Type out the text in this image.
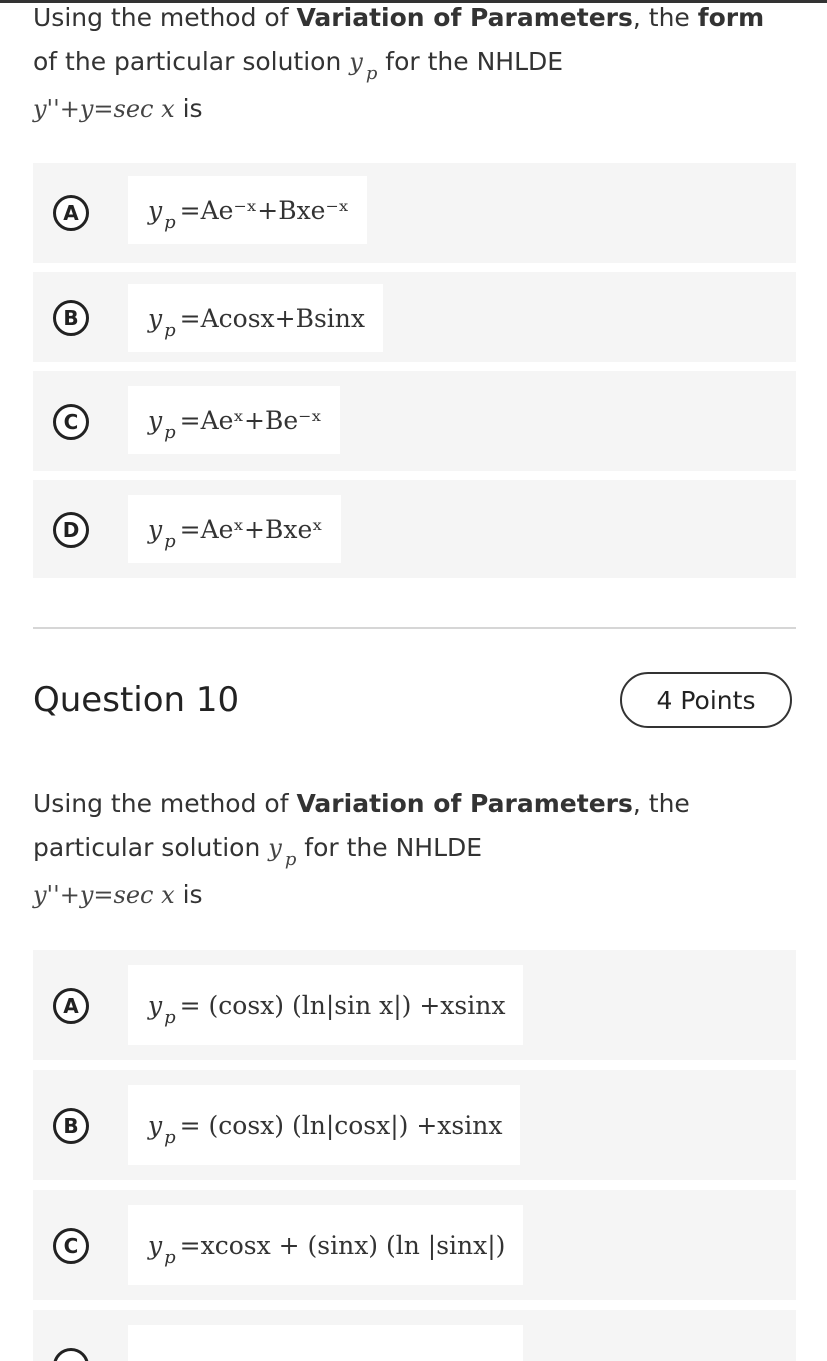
Using the method of Variation of Parameters, the form
of the particular solution y $_p$ for the NHLDE
y''+y=sec x is
A	y p =Ae⁻ˣ+Bxe⁻ˣ
B	y p =Acosx+Bsinx
C	y p =Aeˣ+Be⁻ˣ
D	y p =Aeˣ+Bxeˣ
Question 10	4 Points
Using the method of Variation of Parameters, the
particular solution y $_p$ for the NHLDE
y''+y=sec x is
A	y p = (cosx) (ln|sin x|) +xsinx
B	y p = (cosx) (ln|cosx|) +xsinx
C	y p =xcosx + (sinx) (ln |sinx|)
